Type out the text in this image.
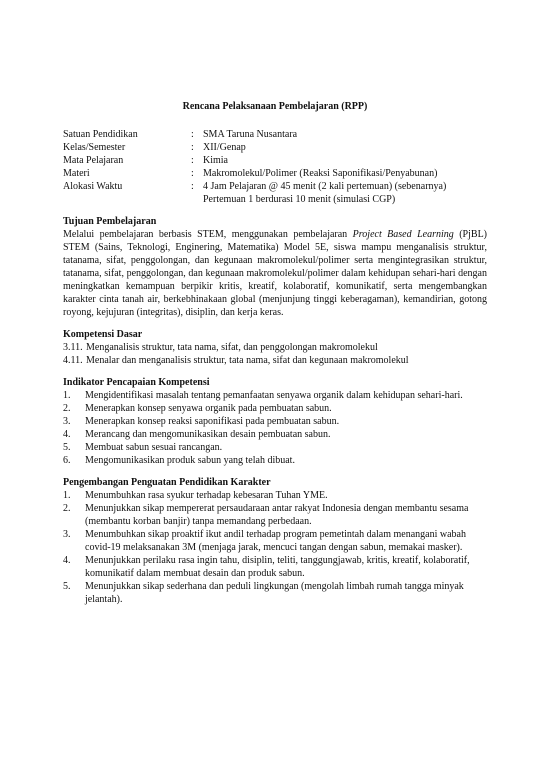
Rencana Pelaksanaan Pembelajaran (RPP)
Satuan Pendidikan	: SMA Taruna Nusantara
Kelas/Semester	: XII/Genap
Mata Pelajaran	: Kimia
Materi	: Makromolekul/Polimer (Reaksi Saponifikasi/Penyabunan)
Alokasi Waktu	: 4 Jam Pelajaran @ 45 menit (2 kali pertemuan) (sebenarnya) Pertemuan 1 berdurasi 10 menit (simulasi CGP)
Tujuan Pembelajaran
Melalui pembelajaran berbasis STEM, menggunakan pembelajaran Project Based Learning (PjBL) STEM (Sains, Teknologi, Enginering, Matematika) Model 5E, siswa mampu menganalisis struktur, tatanama, sifat, penggolongan, dan kegunaan makromolekul/polimer serta mengintegrasikan struktur, tatanama, sifat, penggolongan, dan kegunaan makromolekul/polimer dalam kehidupan sehari-hari dengan meningkatkan kemampuan berpikir kritis, kreatif, kolaboratif, komunikatif, serta mengembangkan karakter cinta tanah air, berkebhinakaan global (menjunjung tinggi keberagaman), kemandirian, gotong royong, kejujuran (integritas), disiplin, dan kerja keras.
Kompetensi Dasar
3.11. Menganalisis struktur, tata nama, sifat, dan penggolongan makromolekul
4.11. Menalar dan menganalisis struktur, tata nama, sifat dan kegunaan makromolekul
Indikator Pencapaian Kompetensi
1.	Mengidentifikasi masalah tentang pemanfaatan senyawa organik dalam kehidupan sehari-hari.
2.	Menerapkan konsep senyawa organik pada pembuatan sabun.
3.	Menerapkan konsep reaksi saponifikasi pada pembuatan sabun.
4.	Merancang dan mengomunikasikan desain pembuatan sabun.
5.	Membuat sabun sesuai rancangan.
6.	Mengomunikasikan produk sabun yang telah dibuat.
Pengembangan Penguatan Pendidikan Karakter
1.	Menumbuhkan rasa syukur terhadap kebesaran Tuhan YME.
2.	Menunjukkan sikap mempererat persaudaraan antar rakyat Indonesia dengan membantu sesama (membantu korban banjir) tanpa memandang perbedaan.
3.	Menumbuhkan sikap proaktif ikut andil terhadap program pemetintah dalam menangani wabah covid-19 melaksanakan 3M (menjaga jarak, mencuci tangan dengan sabun, memakai masker).
4.	Menunjukkan perilaku rasa ingin tahu, disiplin, teliti, tanggungjawab, kritis, kreatif, kolaboratif, komunikatif dalam membuat desain dan produk sabun.
5.	Menunjukkan sikap sederhana dan peduli lingkungan (mengolah limbah rumah tangga minyak jelantah).
